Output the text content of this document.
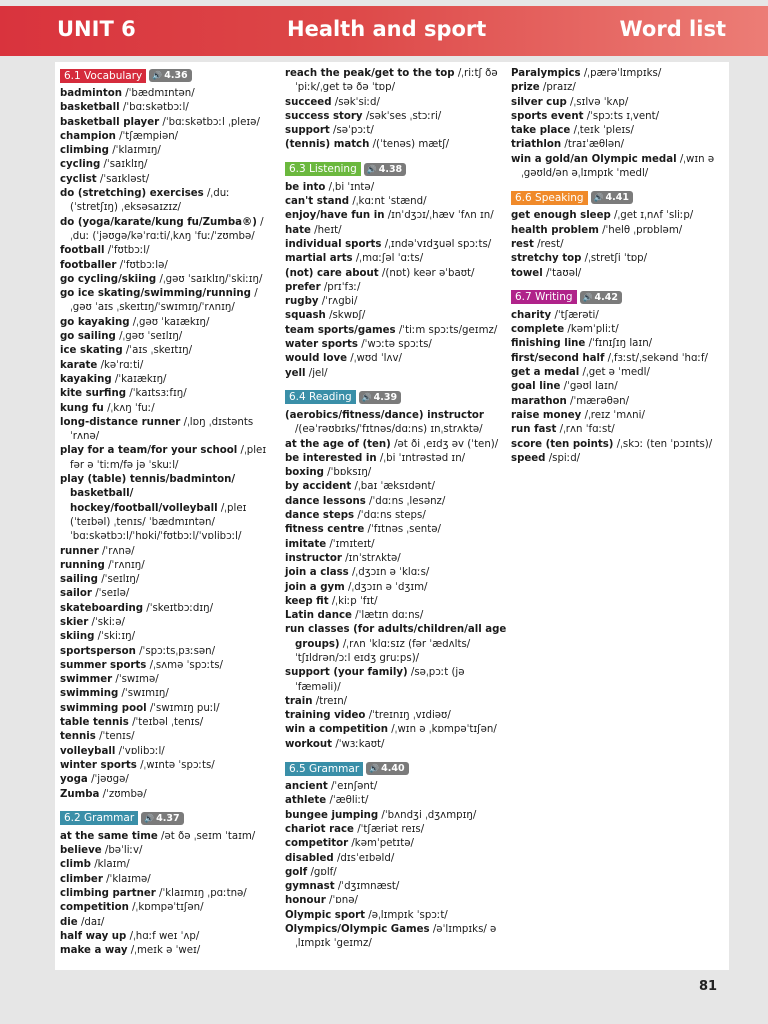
UNIT 6	Health and sport	Word list
6.1 Vocabulary	🔊 4.36
badminton /ˈbædmɪntən/
basketball /ˈbɑːskətbɔːl/
basketball player /ˈbɑːskətbɔːl ˌpleɪə/
champion /ˈtʃæmpiən/
climbing /ˈklaɪmɪŋ/
cycling /ˈsaɪklɪŋ/
cyclist /ˈsaɪkləst/
do (stretching) exercises /ˌduː (ˈstretʃɪŋ) ˌeksəsaɪzɪz/
do (yoga/karate/kung fu/Zumba®) /ˌduː (ˈjəʊgə/kəˈrɑːti/ˌkʌŋ ˈfuː/ˈzʊmbə/
football /ˈfʊtbɔːl/
footballer /ˈfʊtbɔːlə/
go cycling/skiing /ˌgəʊ ˈsaɪklɪŋ/ˈskiːɪŋ/
go ice skating/swimming/running /ˌgəʊ ˈaɪs ˌskeɪtɪŋ/ˈswɪmɪŋ/ˈrʌnɪŋ/
go kayaking /ˌgəʊ ˈkaɪækɪŋ/
go sailing /ˌgəʊ ˈseɪlɪŋ/
ice skating /ˈaɪs ˌskeɪtɪŋ/
karate /kəˈrɑːti/
kayaking /ˈkaɪækɪŋ/
kite surfing /ˈkaɪtsɜːfɪŋ/
kung fu /ˌkʌŋ ˈfuː/
long-distance runner /ˌlɒŋ ˌdɪstənts ˈrʌnə/
play for a team/for your school /ˌpleɪ fər ə ˈtiːm/fə jə ˈskuːl/
play (table) tennis/badminton/ basketball/ hockey/football/volleyball /ˌpleɪ (ˈteɪbəl) ˌtenɪs/ ˈbædmɪntən/ ˈbɑːskətbɔːl/ˈhɒki/ˈfʊtbɔːl/ˈvɒlibɔːl/
runner /ˈrʌnə/
running /ˈrʌnɪŋ/
sailing /ˈseɪlɪŋ/
sailor /ˈseɪlə/
skateboarding /ˈskeɪtbɔːdɪŋ/
skier /ˈskiːə/
skiing /ˈskiːɪŋ/
sportsperson /ˈspɔːtsˌpɜːsən/
summer sports /ˌsʌmə ˈspɔːts/
swimmer /ˈswɪmə/
swimming /ˈswɪmɪŋ/
swimming pool /ˈswɪmɪŋ puːl/
table tennis /ˈteɪbəl ˌtenɪs/
tennis /ˈtenɪs/
volleyball /ˈvɒlibɔːl/
winter sports /ˌwɪntə ˈspɔːts/
yoga /ˈjəʊgə/
Zumba /ˈzʊmbə/
6.2 Grammar	🔊 4.37
at the same time /ət ðə ˌseɪm ˈtaɪm/
believe /bəˈliːv/
climb /klaɪm/
climber /ˈklaɪmə/
climbing partner /ˈklaɪmɪŋ ˌpɑːtnə/
competition /ˌkɒmpəˈtɪʃən/
die /daɪ/
half way up /ˌhɑːf weɪ ˈʌp/
make a way /ˌmeɪk ə ˈweɪ/
reach the peak/get to the top /ˌriːtʃ ðə ˈpiːk/ˌget tə ðə ˈtɒp/
succeed /səkˈsiːd/
success story /səkˈses ˌstɔːri/
support /səˈpɔːt/
(tennis) match /(ˈtenəs) mætʃ/
6.3 Listening	🔊 4.38
be into /ˌbi ˈɪntə/
can't stand /ˌkɑːnt ˈstænd/
enjoy/have fun in /ɪnˈdʒɔɪ/ˌhæv ˈfʌn ɪn/
hate /heɪt/
individual sports /ˌɪndəˈvɪdʒuəl spɔːts/
martial arts /ˌmɑːʃəl ˈɑːts/
(not) care about /(nɒt) keər əˈbaʊt/
prefer /prɪˈfɜː/
rugby /ˈrʌgbi/
squash /skwɒʃ/
team sports/games /ˈtiːm spɔːts/geɪmz/
water sports /ˈwɔːtə spɔːts/
would love /ˌwʊd ˈlʌv/
yell /jel/
6.4 Reading	🔊 4.39
(aerobics/fitness/dance) instructor /(eəˈrəʊbɪks/ˈfɪtnəs/dɑːns) ɪnˌstrʌktə/
at the age of (ten) /ət ði ˌeɪdʒ əv (ˈten)/
be interested in /ˌbi ˈɪntrəstəd ɪn/
boxing /ˈbɒksɪŋ/
by accident /ˌbaɪ ˈæksɪdənt/
dance lessons /ˈdɑːns ˌlesənz/
dance steps /ˈdɑːns steps/
fitness centre /ˈfɪtnəs ˌsentə/
imitate /ˈɪmɪteɪt/
instructor /ɪnˈstrʌktə/
join a class /ˌdʒɔɪn ə ˈklɑːs/
join a gym /ˌdʒɔɪn ə ˈdʒɪm/
keep fit /ˌkiːp ˈfɪt/
Latin dance /ˈlætɪn dɑːns/
run classes (for adults/children/all age groups) /ˌrʌn ˈklɑːsɪz (fər ˈædʌlts/ ˈtʃɪldrən/ɔːl eɪdʒ gruːps)/
support (your family) /səˌpɔːt (jə ˈfæməli)/
train /treɪn/
training video /ˈtreɪnɪŋ ˌvɪdiəʊ/
win a competition /ˌwɪn ə ˌkɒmpəˈtɪʃən/
workout /ˈwɜːkaʊt/
6.5 Grammar	🔊 4.40
ancient /ˈeɪnʃənt/
athlete /ˈæθliːt/
bungee jumping /ˈbʌndʒi ˌdʒʌmpɪŋ/
chariot race /ˈtʃæriət reɪs/
competitor /kəmˈpetɪtə/
disabled /dɪsˈeɪbəld/
golf /gɒlf/
gymnast /ˈdʒɪmnæst/
honour /ˈɒnə/
Olympic sport /əˌlɪmpɪk ˈspɔːt/
Olympics/Olympic Games /əˈlɪmpɪks/ əˌlɪmpɪk ˈgeɪmz/
Paralympics /ˌpærəˈlɪmpɪks/
prize /praɪz/
silver cup /ˌsɪlvə ˈkʌp/
sports event /ˈspɔːts ɪˌvent/
take place /ˌteɪk ˈpleɪs/
triathlon /traɪˈæθlən/
win a gold/an Olympic medal /ˌwɪn ə ˌgəʊld/ən əˌlɪmpɪk ˈmedl/
6.6 Speaking	🔊 4.41
get enough sleep /ˌget ɪˌnʌf ˈsliːp/
health problem /ˈhelθ ˌprɒbləm/
rest /rest/
stretchy top /ˌstretʃi ˈtɒp/
towel /ˈtaʊəl/
6.7 Writing	🔊 4.42
charity /ˈtʃærəti/
complete /kəmˈpliːt/
finishing line /ˈfɪnɪʃɪŋ laɪn/
first/second half /ˌfɜːst/ˌsekənd ˈhɑːf/
get a medal /ˌget ə ˈmedl/
goal line /ˈgəʊl laɪn/
marathon /ˈmærəθən/
raise money /ˌreɪz ˈmʌni/
run fast /ˌrʌn ˈfɑːst/
score (ten points) /ˌskɔː (ten ˈpɔɪnts)/
speed /spiːd/
81
